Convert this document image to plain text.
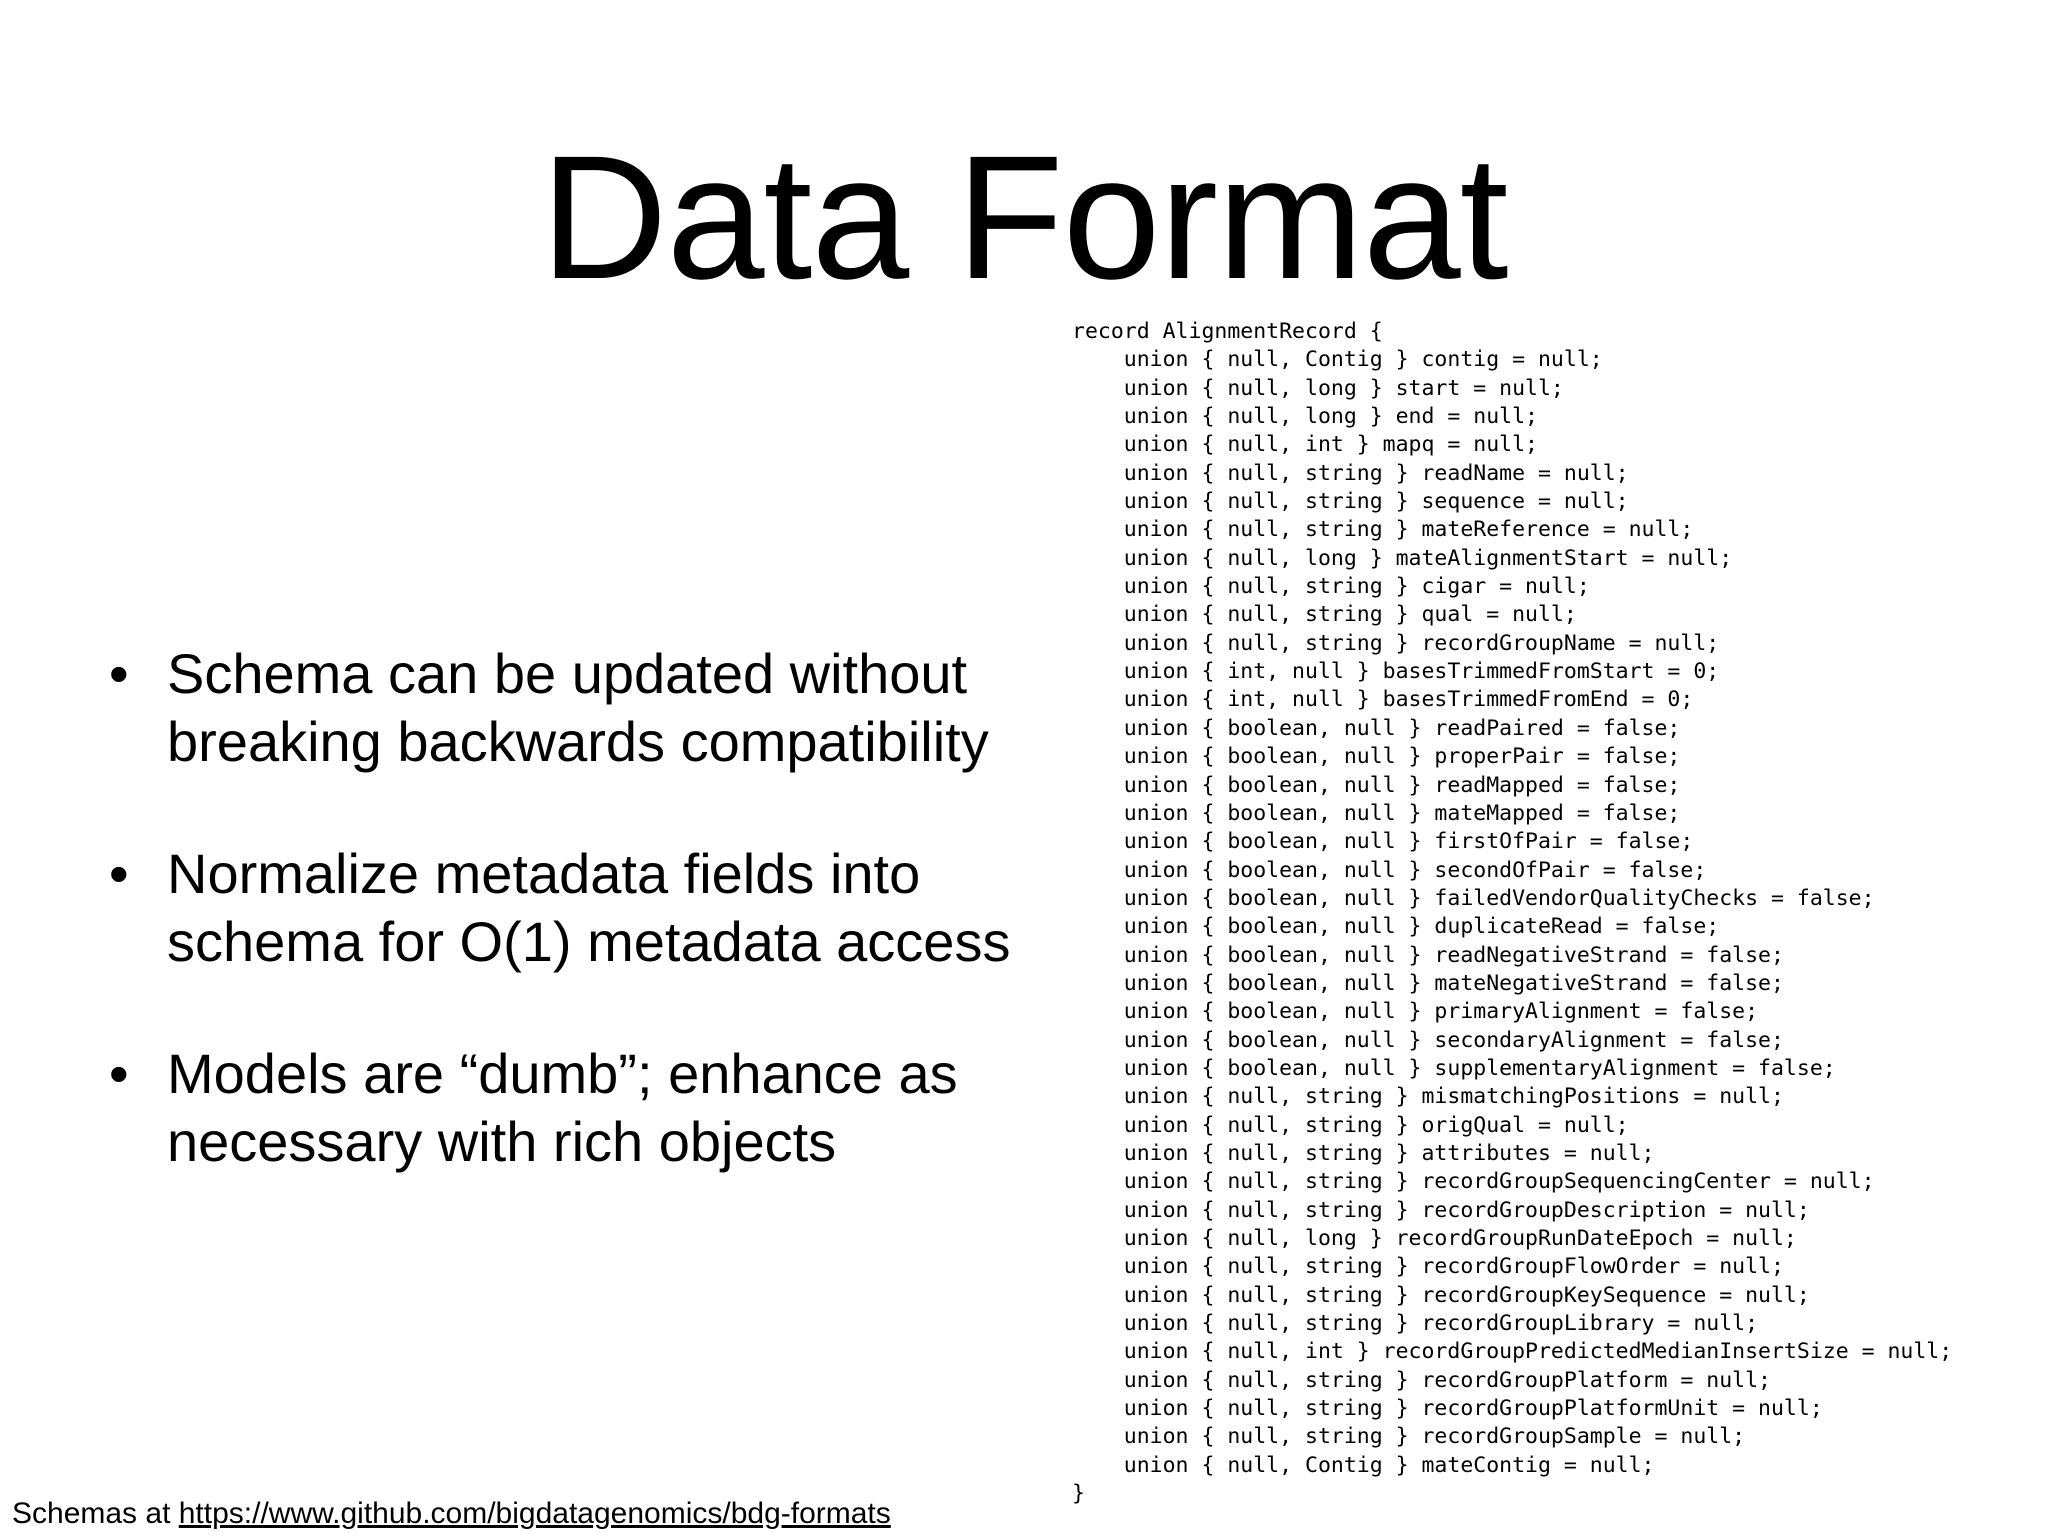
Data Format
• Schema can be updated without
breaking backwards compatibility
• Normalize metadata fields into
schema for O(1) metadata access
• Models are “dumb”; enhance as
necessary with rich objects
record AlignmentRecord {
union { null, Contig } contig = null;
union { null, long } start = null;
union { null, long } end = null;
union { null, int } mapq = null;
union { null, string } readName = null;
union { null, string } sequence = null;
union { null, string } mateReference = null;
union { null, long } mateAlignmentStart = null;
union { null, string } cigar = null;
union { null, string } qual = null;
union { null, string } recordGroupName = null;
union { int, null } basesTrimmedFromStart = 0;
union { int, null } basesTrimmedFromEnd = 0;
union { boolean, null } readPaired = false;
union { boolean, null } properPair = false;
union { boolean, null } readMapped = false;
union { boolean, null } mateMapped = false;
union { boolean, null } firstOfPair = false;
union { boolean, null } secondOfPair = false;
union { boolean, null } failedVendorQualityChecks = false;
union { boolean, null } duplicateRead = false;
union { boolean, null } readNegativeStrand = false;
union { boolean, null } mateNegativeStrand = false;
union { boolean, null } primaryAlignment = false;
union { boolean, null } secondaryAlignment = false;
union { boolean, null } supplementaryAlignment = false;
union { null, string } mismatchingPositions = null;
union { null, string } origQual = null;
union { null, string } attributes = null;
union { null, string } recordGroupSequencingCenter = null;
union { null, string } recordGroupDescription = null;
union { null, long } recordGroupRunDateEpoch = null;
union { null, string } recordGroupFlowOrder = null;
union { null, string } recordGroupKeySequence = null;
union { null, string } recordGroupLibrary = null;
union { null, int } recordGroupPredictedMedianInsertSize = null;
union { null, string } recordGroupPlatform = null;
union { null, string } recordGroupPlatformUnit = null;
union { null, string } recordGroupSample = null;
union { null, Contig } mateContig = null;
}
Schemas at https://www.github.com/bigdatagenomics/bdg-formats
